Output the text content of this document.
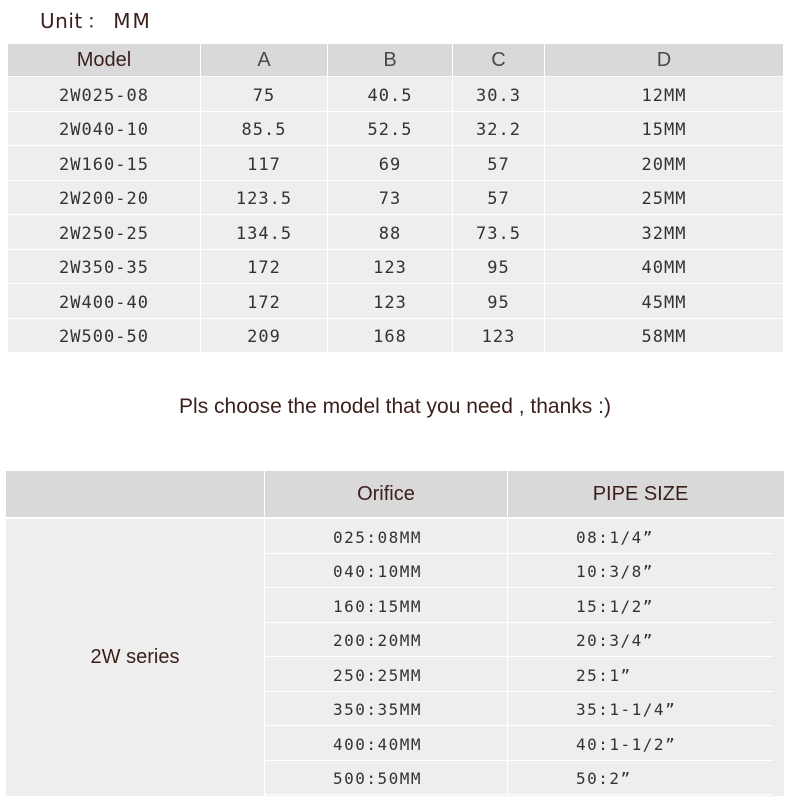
Unit ： MM
Model	A	B	C	D
2W025-08	75	40.5	30.3	12MM
2W040-10	85.5	52.5	32.2	15MM
2W160-15	117	69	57	20MM
2W200-20	123.5	73	57	25MM
2W250-25	134.5	88	73.5	32MM
2W350-35	172	123	95	40MM
2W400-40	172	123	95	45MM
2W500-50	209	168	123	58MM
Pls choose the model that you need , thanks :)
Orifice	PIPE SIZE
2W series
025:08MM	08:1/4”
040:10MM	10:3/8”
160:15MM	15:1/2”
200:20MM	20:3/4”
250:25MM	25:1”
350:35MM	35:1-1/4”
400:40MM	40:1-1/2”
500:50MM	50:2”
